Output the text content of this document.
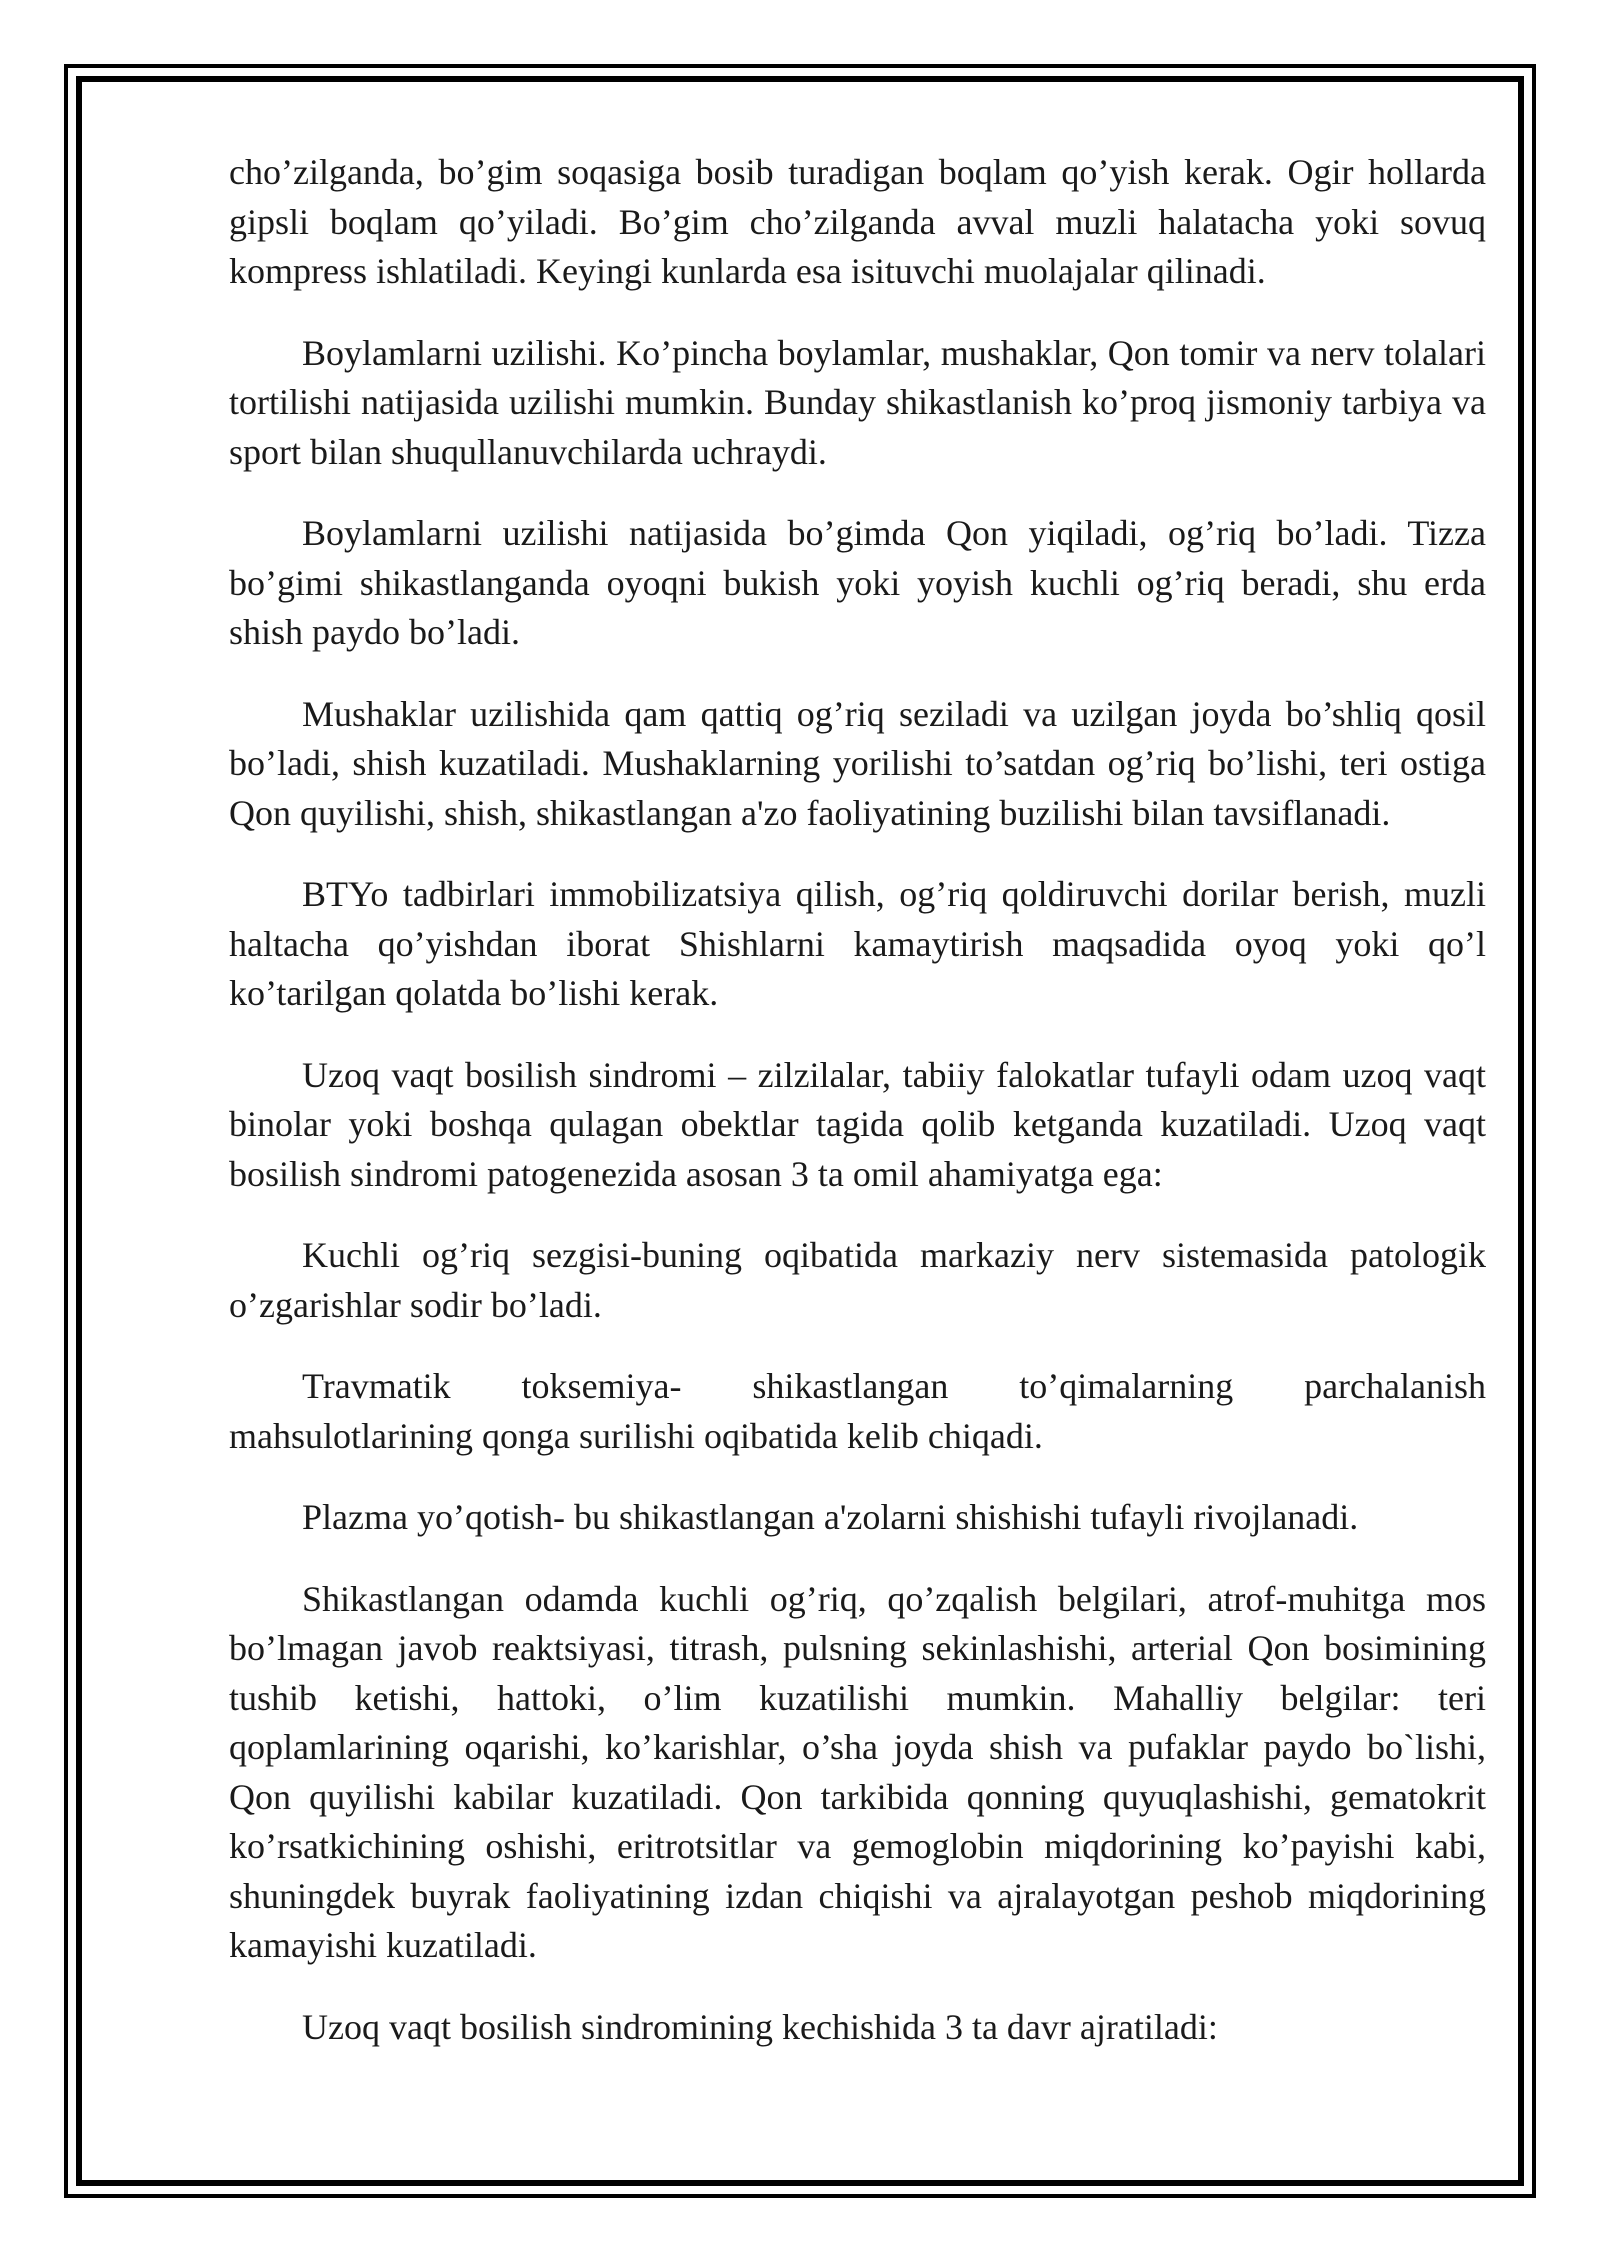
cho’zilganda, bo’gim soqasiga bosib turadigan boqlam qo’yish kerak. Ogir hollarda gipsli boqlam qo’yiladi. Bo’gim cho’zilganda avval muzli halatacha yoki sovuq kompress ishlatiladi. Keyingi kunlarda esa isituvchi muolajalar qilinadi.

Boylamlarni uzilishi. Ko’pincha boylamlar, mushaklar, Qon tomir va nerv tolalari tortilishi natijasida uzilishi mumkin. Bunday shikastlanish ko’proq jismoniy tarbiya va sport bilan shuqullanuvchilarda uchraydi.

Boylamlarni uzilishi natijasida bo’gimda Qon yiqiladi, og’riq bo’ladi. Tizza bo’gimi shikastlanganda oyoqni bukish yoki yoyish kuchli og’riq beradi, shu erda shish paydo bo’ladi.

Mushaklar uzilishida qam qattiq og’riq seziladi va uzilgan joyda bo’shliq qosil bo’ladi, shish kuzatiladi. Mushaklarning yorilishi to’satdan og’riq bo’lishi, teri ostiga Qon quyilishi, shish, shikastlangan a'zo faoliyatining buzilishi bilan tavsiflanadi.

BTYo tadbirlari immobilizatsiya qilish, og’riq qoldiruvchi dorilar berish, muzli haltacha qo’yishdan iborat Shishlarni kamaytirish maqsadida oyoq yoki qo’l ko’tarilgan qolatda bo’lishi kerak.

Uzoq vaqt bosilish sindromi – zilzilalar, tabiiy falokatlar tufayli odam uzoq vaqt binolar yoki boshqa qulagan obektlar tagida qolib ketganda kuzatiladi. Uzoq vaqt bosilish sindromi patogenezida asosan 3 ta omil ahamiyatga ega:

Kuchli og’riq sezgisi-buning oqibatida markaziy nerv sistemasida patologik o’zgarishlar sodir bo’ladi.

Travmatik toksemiya- shikastlangan to’qimalarning parchalanish mahsulotlarining qonga surilishi oqibatida kelib chiqadi.

Plazma yo’qotish- bu shikastlangan a'zolarni shishishi tufayli rivojlanadi.

Shikastlangan odamda kuchli og’riq, qo’zqalish belgilari, atrof-muhitga mos bo’lmagan javob reaktsiyasi, titrash, pulsning sekinlashishi, arterial Qon bosimining tushib ketishi, hattoki, o’lim kuzatilishi mumkin. Mahalliy belgilar: teri qoplamlarining oqarishi, ko’karishlar, o’sha joyda shish va pufaklar paydo bo`lishi, Qon quyilishi kabilar kuzatiladi. Qon tarkibida qonning quyuqlashishi, gematokrit ko’rsatkichining oshishi, eritrotsitlar va gemoglobin miqdorining ko’payishi kabi, shuningdek buyrak faoliyatining izdan chiqishi va ajralayotgan peshob miqdorining kamayishi kuzatiladi.

Uzoq vaqt bosilish sindromining kechishida 3 ta davr ajratiladi:
